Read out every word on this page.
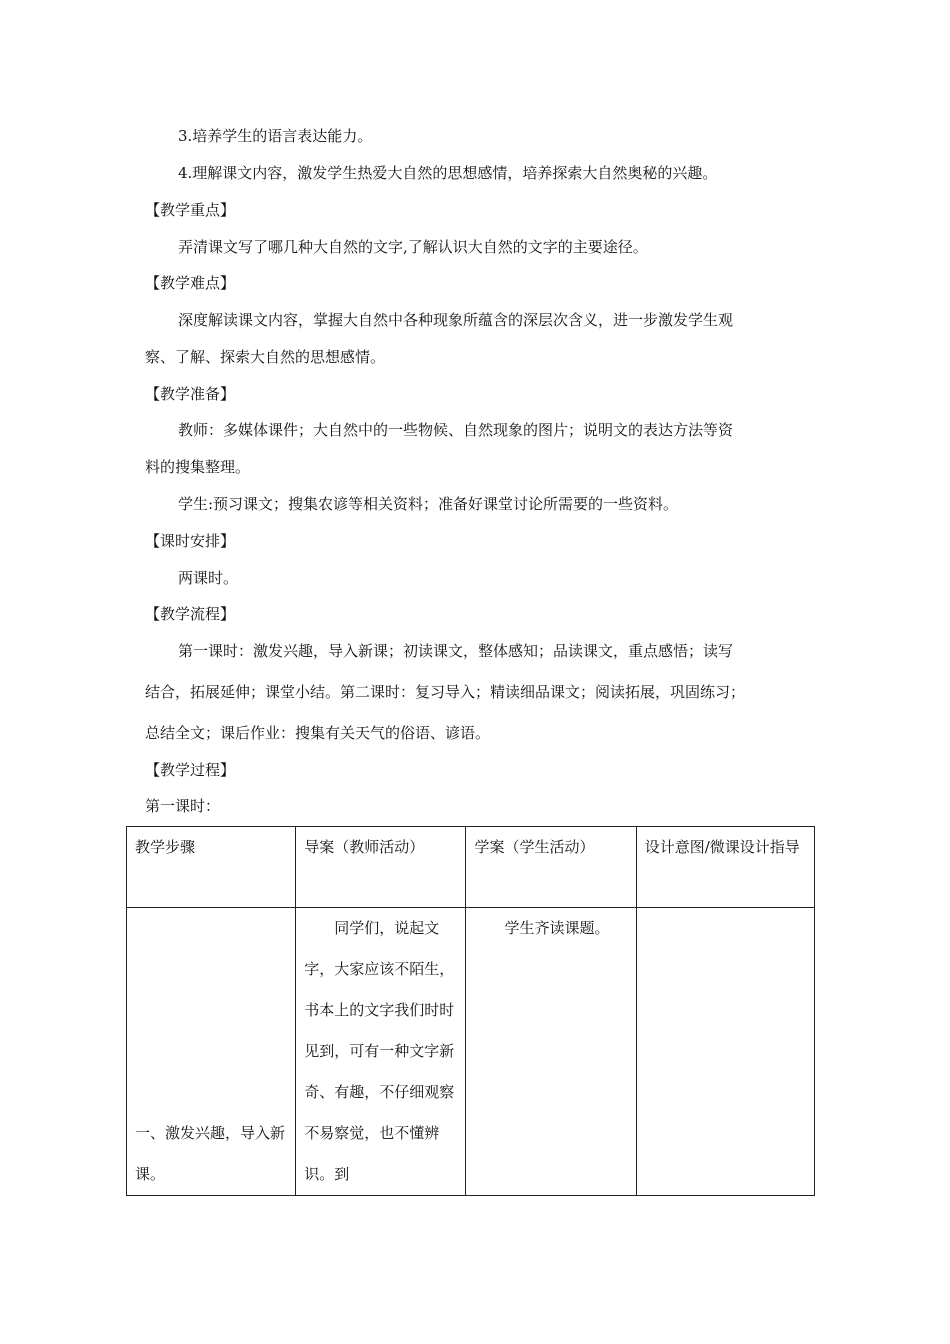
3.培养学生的语言表达能力。
4.理解课文内容，激发学生热爱大自然的思想感情，培养探索大自然奥秘的兴趣。
【教学重点】
弄清课文写了哪几种大自然的文字,了解认识大自然的文字的主要途径。
【教学难点】
深度解读课文内容，掌握大自然中各种现象所蕴含的深层次含义，进一步激发学生观
察、了解、探索大自然的思想感情。
【教学准备】
教师：多媒体课件；大自然中的一些物候、自然现象的图片；说明文的表达方法等资
料的搜集整理。
学生:预习课文；搜集农谚等相关资料；准备好课堂讨论所需要的一些资料。
【课时安排】
两课时。
【教学流程】
第一课时：激发兴趣，导入新课；初读课文，整体感知；品读课文，重点感悟；读写
结合，拓展延伸；课堂小结。第二课时：复习导入；精读细品课文；阅读拓展，巩固练习；
总结全文；课后作业：搜集有关天气的俗语、谚语。
【教学过程】
第一课时：
教学步骤	导案（教师活动）	学案（学生活动）	设计意图/微课设计指导

一、激发兴趣，导入新课。	同学们，说起文字，大家应该不陌生，书本上的文字我们时时见到，可有一种文字新奇、有趣，不仔细观察不易察觉，也不懂辨识。到	学生齐读课题。	
